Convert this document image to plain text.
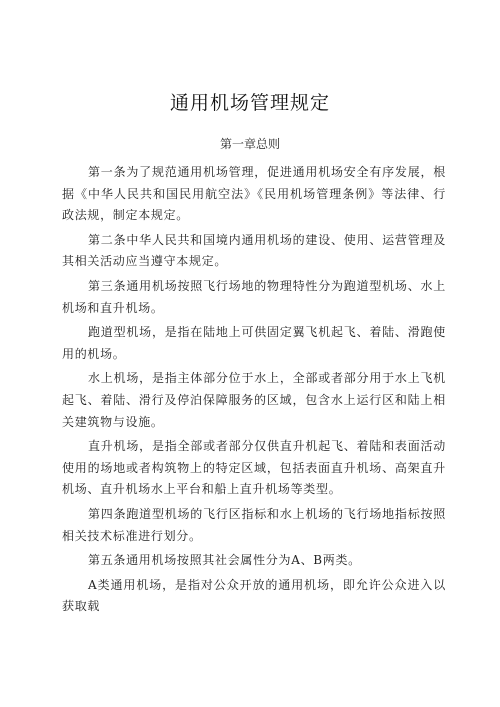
通用机场管理规定
第一章总则

第一条为了规范通用机场管理，促进通用机场安全有序发展，根据《中华人民共和国民用航空法》《民用机场管理条例》等法律、行政法规，制定本规定。

第二条中华人民共和国境内通用机场的建设、使用、运营管理及其相关活动应当遵守本规定。

第三条通用机场按照飞行场地的物理特性分为跑道型机场、水上机场和直升机场。

跑道型机场，是指在陆地上可供固定翼飞机起飞、着陆、滑跑使用的机场。

水上机场，是指主体部分位于水上，全部或者部分用于水上飞机起飞、着陆、滑行及停泊保障服务的区域，包含水上运行区和陆上相关建筑物与设施。

直升机场，是指全部或者部分仅供直升机起飞、着陆和表面活动使用的场地或者构筑物上的特定区域，包括表面直升机场、高架直升机场、直升机场水上平台和船上直升机场等类型。

第四条跑道型机场的飞行区指标和水上机场的飞行场地指标按照相关技术标准进行划分。

第五条通用机场按照其社会属性分为A、B两类。

A类通用机场，是指对公众开放的通用机场，即允许公众进入以获取载
